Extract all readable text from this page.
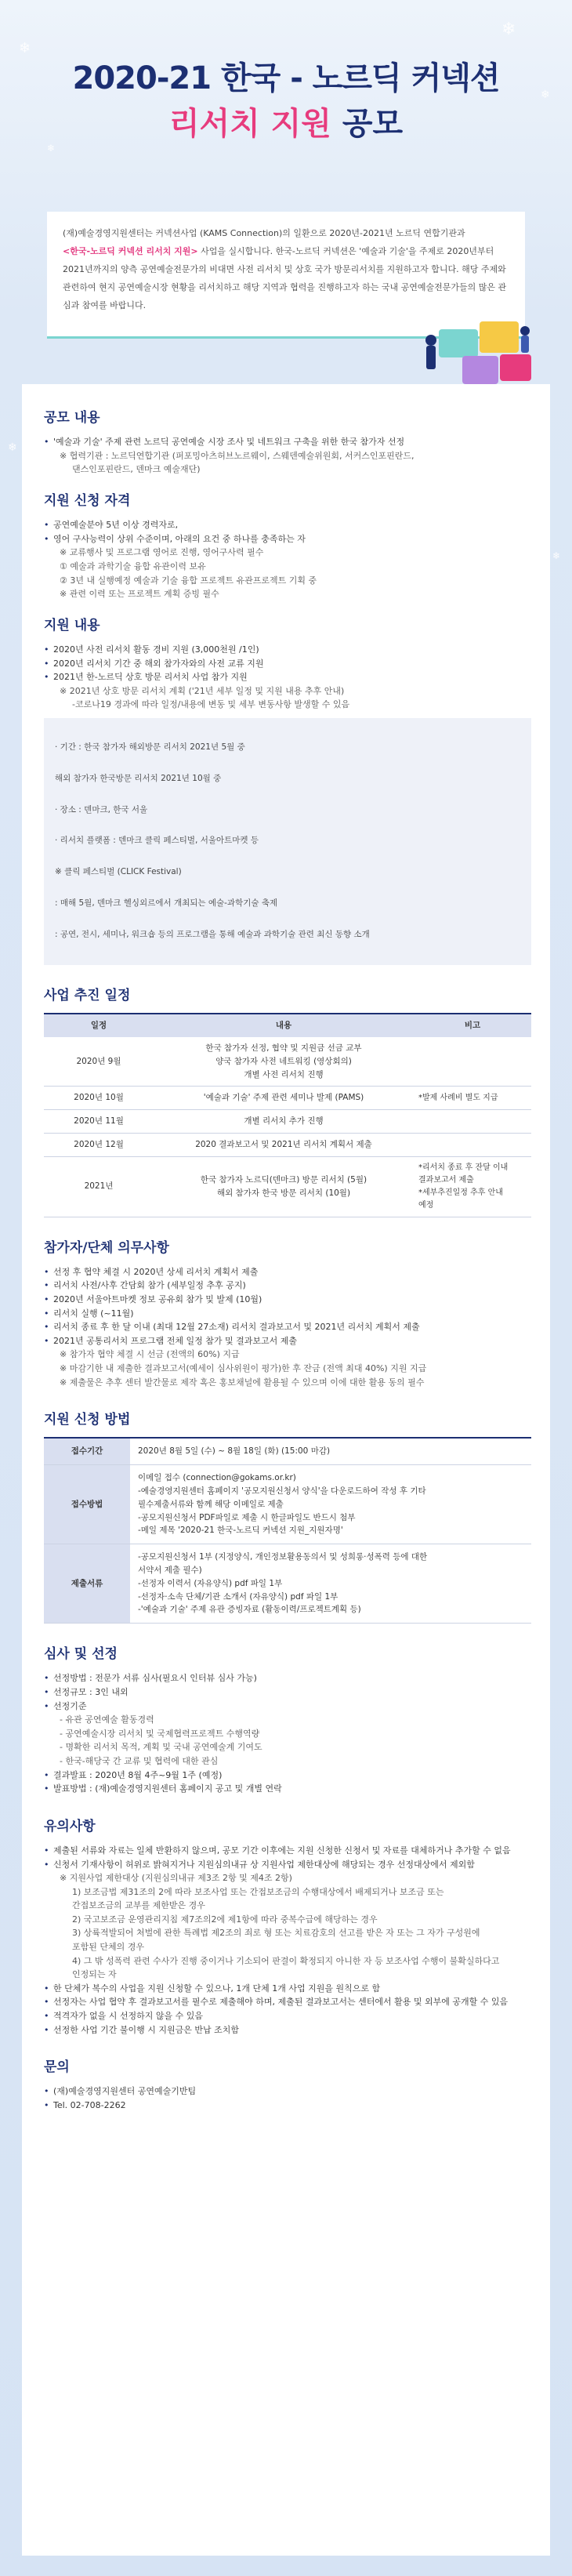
❄
❄
❄
❄
❄
❄
2020-21 한국 - 노르딕 커넥션
리서치 지원 공모
(재)예술경영지원센터는 커넥션사업 (KAMS Connection)의 일환으로 2020년-2021년 노르딕 연합기관과
<한국-노르딕 커넥션 리서치 지원> 사업을 실시합니다. 한국-노르딕 커넥션은 '예술과 기술'을 주제로 2020년부터 2021년까지의 양측 공연예술전문가의 비대면 사전 리서치 및 상호 국가 방문리서치를 지원하고자 합니다. 해당 주제와 관련하여 현지 공연예술시장 현황을 리서치하고 해당 지역과 협력을 진행하고자 하는 국내 공연예술전문가들의 많은 관심과 참여를 바랍니다.
공모 내용
• '예술과 기술' 주제 관련 노르딕 공연예술 시장 조사 및 네트워크 구축을 위한 한국 참가자 선정
※ 협력기관 : 노르딕연합기관 (퍼포밍아츠허브노르웨이, 스웨덴예술위원회, 서커스인포핀란드,
댄스인포핀란드, 덴마크 예술재단)
지원 신청 자격
• 공연예술분야 5년 이상 경력자로,
• 영어 구사능력이 상위 수준이며, 아래의 요건 중 하나를 충족하는 자
※ 교류행사 및 프로그램 영어로 진행, 영어구사력 필수
① 예술과 과학기술 융합 유관이력 보유
② 3년 내 실행예정 예술과 기술 융합 프로젝트 유관프로젝트 기획 중
※ 관련 이력 또는 프로젝트 계획 증빙 필수
지원 내용
• 2020년 사전 리서치 활동 경비 지원 (3,000천원 /1인)
• 2020년 리서치 기간 중 해외 참가자와의 사전 교류 지원
• 2021년 한-노르딕 상호 방문 리서치 사업 참가 지원
※ 2021년 상호 방문 리서치 계획 ('21년 세부 일정 및 지원 내용 추후 안내)
-코로나19 경과에 따라 일정/내용에 변동 및 세부 변동사항 발생할 수 있음

· 기간 : 한국 참가자 해외방문 리서치 2021년 5월 중

해외 참가자 한국방문 리서치 2021년 10월 중

· 장소 : 덴마크, 한국 서울

· 리서치 플랫폼 : 덴마크 클릭 페스티벌, 서울아트마켓 등

※ 클릭 페스티벌 (CLICK Festival)

: 매해 5월, 덴마크 헬싱외르에서 개최되는 예술-과학기술 축제

: 공연, 전시, 세미나, 워크숍 등의 프로그램을 통해 예술과 과학기술 관련 최신 동향 소개

사업 추진 일정
일정	내용	비고
2020년 9월	한국 참가자 선정, 협약 및 지원금 선금 교부
양국 참가자 사전 네트워킹 (영상회의)
개별 사전 리서치 진행	
2020년 10월	'예술과 기술' 주제 관련 세미나 발제 (PAMS)	*발제 사례비 별도 지급
2020년 11월	개별 리서치 추가 진행	
2020년 12월	2020 결과보고서 및 2021년 리서치 계획서 제출	
2021년	한국 참가자 노르딕(덴마크) 방문 리서치 (5월)
해외 참가자 한국 방문 리서치 (10월)	*리서치 종료 후 잔달 이내
결과보고서 제출
*세부추진일정 추후 안내
예정
참가자/단체 의무사항
• 선정 후 협약 체결 시 2020년 상세 리서치 계획서 제출
• 리서치 사전/사후 간담회 참가 (세부일정 추후 공지)
• 2020년 서울아트마켓 정보 공유회 참가 및 발제 (10월)
• 리서치 실행 (~11월)
• 리서치 종료 후 한 달 이내 (최대 12월 27소재) 리서치 결과보고서 및 2021년 리서치 계획서 제출
• 2021년 공통리서치 프로그램 전체 일정 참가 및 결과보고서 제출
※ 참가자 협약 체결 시 선금 (전액의 60%) 지급
※ 마감기한 내 제출한 결과보고서(예세이 심사위원이 평가)한 후 잔금 (전액 최대 40%) 지원 지급
※ 제출물은 추후 센터 발간물로 제작 혹은 홍보채널에 활용될 수 있으며 이에 대한 활용 동의 필수
지원 신청 방법
접수기간	2020년 8월 5일 (수) ~ 8월 18일 (화) (15:00 마감)
접수방법	이메일 접수 (connection@gokams.or.kr)
-예술경영지원센터 홈페이지 '공모지원신청서 양식'을 다운로드하여 작성 후 기타
필수제출서류와 함께 해당 이메일로 제출
-공모지원신청서 PDF파일로 제출 시 한글파일도 반드시 첨부
-메일 제목 '2020-21 한국-노르딕 커넥션 지원_지원자명'
제출서류	-공모지원신청서 1부 (지정양식, 개인정보활용동의서 및 성희롱·성폭력 등에 대한
서약서 제출 필수)
-선정자 이력서 (자유양식) pdf 파일 1부
-선정자·소속 단체/기관 소개서 (자유양식) pdf 파일 1부
-'예술과 기술' 주제 유관 증빙자료 (활동이력/프로젝트계획 등)
심사 및 선정
• 선정방법 : 전문가 서류 심사(필요시 인터뷰 심사 가능)
• 선정규모 : 3인 내외
• 선정기준
- 유관 공연예술 활동경력
- 공연예술시장 리서치 및 국제협력프로젝트 수행역량
- 명확한 리서치 목적, 계획 및 국내 공연예술계 기여도
- 한국-해당국 간 교류 및 협력에 대한 관심
• 결과발표 : 2020년 8월 4주~9월 1주 (예정)
• 발표방법 : (재)예술경영지원센터 홈페이지 공고 및 개별 연락
유의사항
• 제출된 서류와 자료는 일체 반환하지 않으며, 공모 기간 이후에는 지원 신청한 신청서 및 자료를 대체하거나 추가할 수 없음
• 신청서 기재사항이 허위로 밝혀지거나 지원심의내규 상 지원사업 제한대상에 해당되는 경우 선정대상에서 제외함
※ 지원사업 제한대상 (지원심의내규 제3조 2항 및 제4조 2항)
1) 보조금법 제31조의 2에 따라 보조사업 또는 간접보조금의 수행대상에서 배제되거나 보조금 또는
간접보조금의 교부를 제한받은 경우
2) 국고보조금 운영관리지침 제7조의2에 제1항에 따라 중복수급에 해당하는 경우
3) 상륙적발되어 처벌에 관한 특례법 제2조의 죄로 형 또는 치료감호의 선고를 받은 자 또는 그 자가 구성원에
포함된 단체의 경우
4) 그 밖 성폭력 관련 수사가 진행 중이거나 기소되어 판결이 확정되지 아니한 자 등 보조사업 수행이 불확실하다고
인정되는 자
• 한 단체가 복수의 사업을 지원 신청할 수 있으나, 1개 단체 1개 사업 지원을 원칙으로 함
• 선정자는 사업 협약 후 결과보고서를 필수로 제출해야 하며, 제출된 결과보고서는 센터에서 활용 및 외부에 공개할 수 있음
• 적격자가 없을 시 선정하지 않을 수 있음
• 선정한 사업 기간 불이행 시 지원금은 반납 조치함
문의
• (재)예술경영지원센터 공연예술기반팀
• Tel. 02-708-2262
